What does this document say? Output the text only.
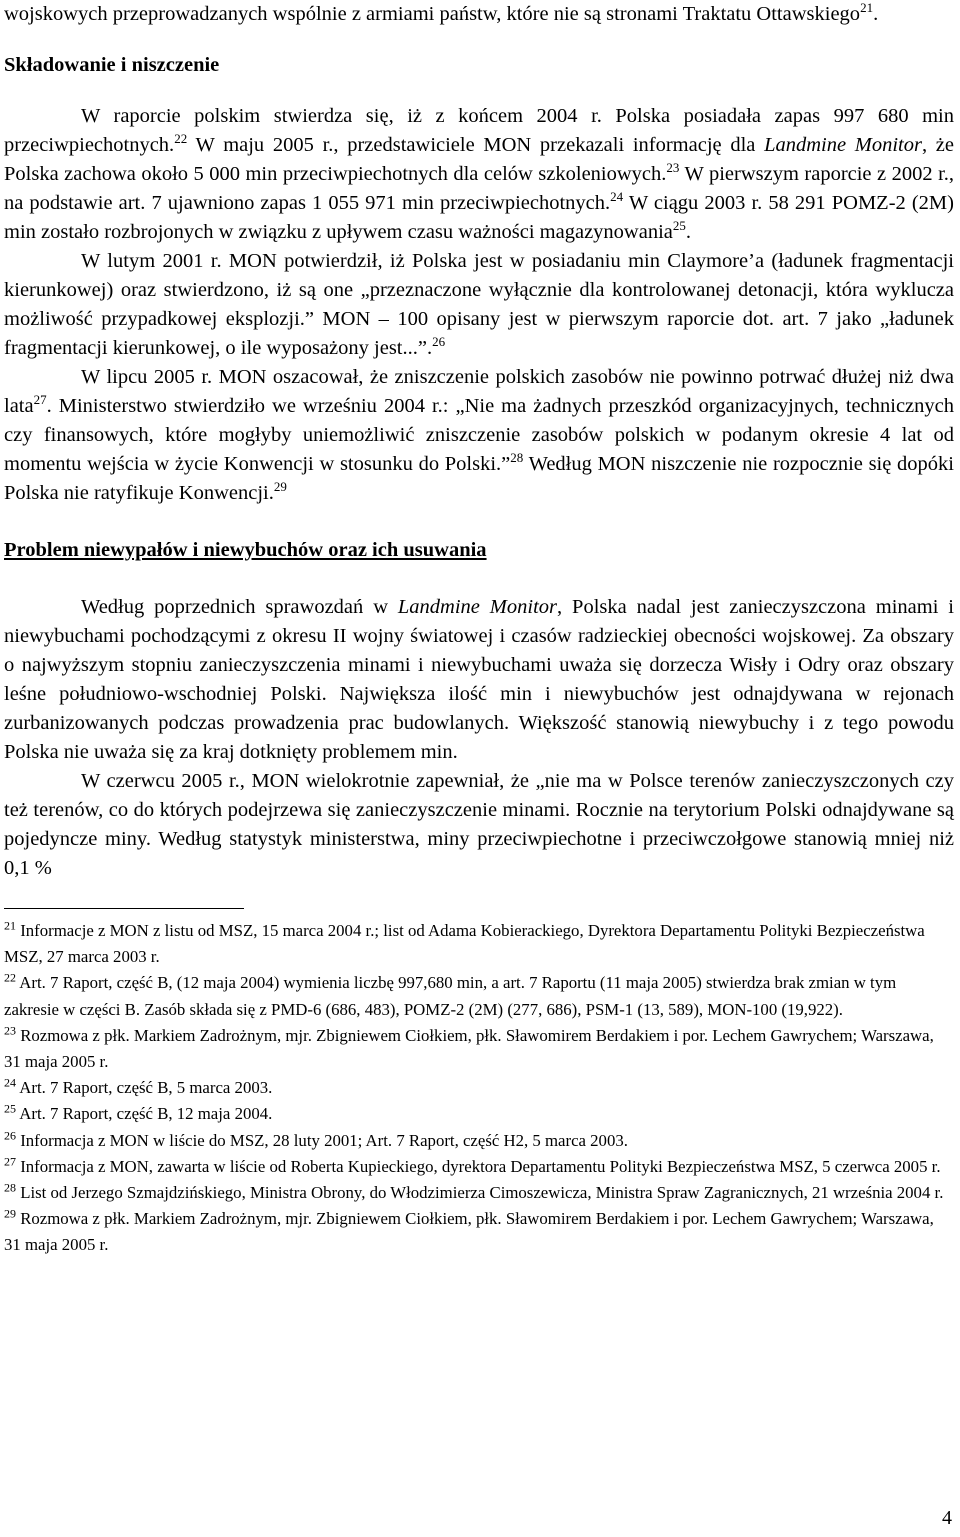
wojskowych przeprowadzanych wspólnie z armiami państw, które nie są stronami Traktatu Ottawskiego$^{21}$.

Składowanie i niszczenie

W raporcie polskim stwierdza się, iż z końcem 2004 r. Polska posiadała zapas 997 680 min przeciwpiechotnych.$^{22}$ W maju 2005 r., przedstawiciele MON przekazali informację dla Landmine Monitor, że Polska zachowa około 5 000 min przeciwpiechotnych dla celów szkoleniowych.$^{23}$ W pierwszym raporcie z 2002 r., na podstawie art. 7 ujawniono zapas 1 055 971 min przeciwpiechotnych.$^{24}$ W ciągu 2003 r. 58 291 POMZ-2 (2M) min zostało rozbrojonych w związku z upływem czasu ważności magazynowania$^{25}$.

W lutym 2001 r. MON potwierdził, iż Polska jest w posiadaniu min Claymore’a (ładunek fragmentacji kierunkowej) oraz stwierdzono, iż są one „przeznaczone wyłącznie dla kontrolowanej detonacji, która wyklucza możliwość przypadkowej eksplozji.” MON – 100 opisany jest w pierwszym raporcie dot. art. 7 jako „ładunek fragmentacji kierunkowej, o ile wyposażony jest...”.$^{26}$

W lipcu 2005 r. MON oszacował, że zniszczenie polskich zasobów nie powinno potrwać dłużej niż dwa lata$^{27}$. Ministerstwo stwierdziło we wrześniu 2004 r.: „Nie ma żadnych przeszkód organizacyjnych, technicznych czy finansowych, które mogłyby uniemożliwić zniszczenie zasobów polskich w podanym okresie 4 lat od momentu wejścia w życie Konwencji w stosunku do Polski.”$^{28}$ Według MON niszczenie nie rozpocznie się dopóki Polska nie ratyfikuje Konwencji.$^{29}$

Problem niewypałów i niewybuchów oraz ich usuwania

Według poprzednich sprawozdań w Landmine Monitor, Polska nadal jest zanieczyszczona minami i niewybuchami pochodzącymi z okresu II wojny światowej i czasów radzieckiej obecności wojskowej. Za obszary o najwyższym stopniu zanieczyszczenia minami i niewybuchami uważa się dorzecza Wisły i Odry oraz obszary leśne południowo-wschodniej Polski. Największa ilość min i niewybuchów jest odnajdywana w rejonach zurbanizowanych podczas prowadzenia prac budowlanych. Większość stanowią niewybuchy i z tego powodu Polska nie uważa się za kraj dotknięty problemem min.

W czerwcu 2005 r., MON wielokrotnie zapewniał, że „nie ma w Polsce terenów zanieczyszczonych czy też terenów, co do których podejrzewa się zanieczyszczenie minami. Rocznie na terytorium Polski odnajdywane są pojedyncze miny. Według statystyk ministerstwa, miny przeciwpiechotne i przeciwczołgowe stanowią mniej niż 0,1 %

$^{21}$ Informacje z MON z listu od MSZ, 15 marca 2004 r.; list od Adama Kobierackiego, Dyrektora Departamentu Polityki Bezpieczeństwa MSZ, 27 marca 2003 r.

$^{22}$ Art. 7 Raport, część B, (12 maja 2004) wymienia liczbę 997,680 min, a art. 7 Raportu (11 maja 2005) stwierdza brak zmian w tym zakresie w części B. Zasób składa się z PMD-6 (686, 483), POMZ-2 (2M) (277, 686), PSM-1 (13, 589), MON-100 (19,922).

$^{23}$ Rozmowa z płk. Markiem Zadrożnym, mjr. Zbigniewem Ciołkiem, płk. Sławomirem Berdakiem i por. Lechem Gawrychem; Warszawa, 31 maja 2005 r.

$^{24}$ Art. 7 Raport, część B, 5 marca 2003.

$^{25}$ Art. 7 Raport, część B, 12 maja 2004.

$^{26}$ Informacja z MON w liście do MSZ, 28 luty 2001; Art. 7 Raport, część H2, 5 marca 2003.

$^{27}$ Informacja z MON, zawarta w liście od Roberta Kupieckiego, dyrektora Departamentu Polityki Bezpieczeństwa MSZ, 5 czerwca 2005 r.

$^{28}$ List od Jerzego Szmajdzińskiego, Ministra Obrony, do Włodzimierza Cimoszewicza, Ministra Spraw Zagranicznych, 21 września 2004 r.

$^{29}$ Rozmowa z płk. Markiem Zadrożnym, mjr. Zbigniewem Ciołkiem, płk. Sławomirem Berdakiem i por. Lechem Gawrychem; Warszawa, 31 maja 2005 r.

4
